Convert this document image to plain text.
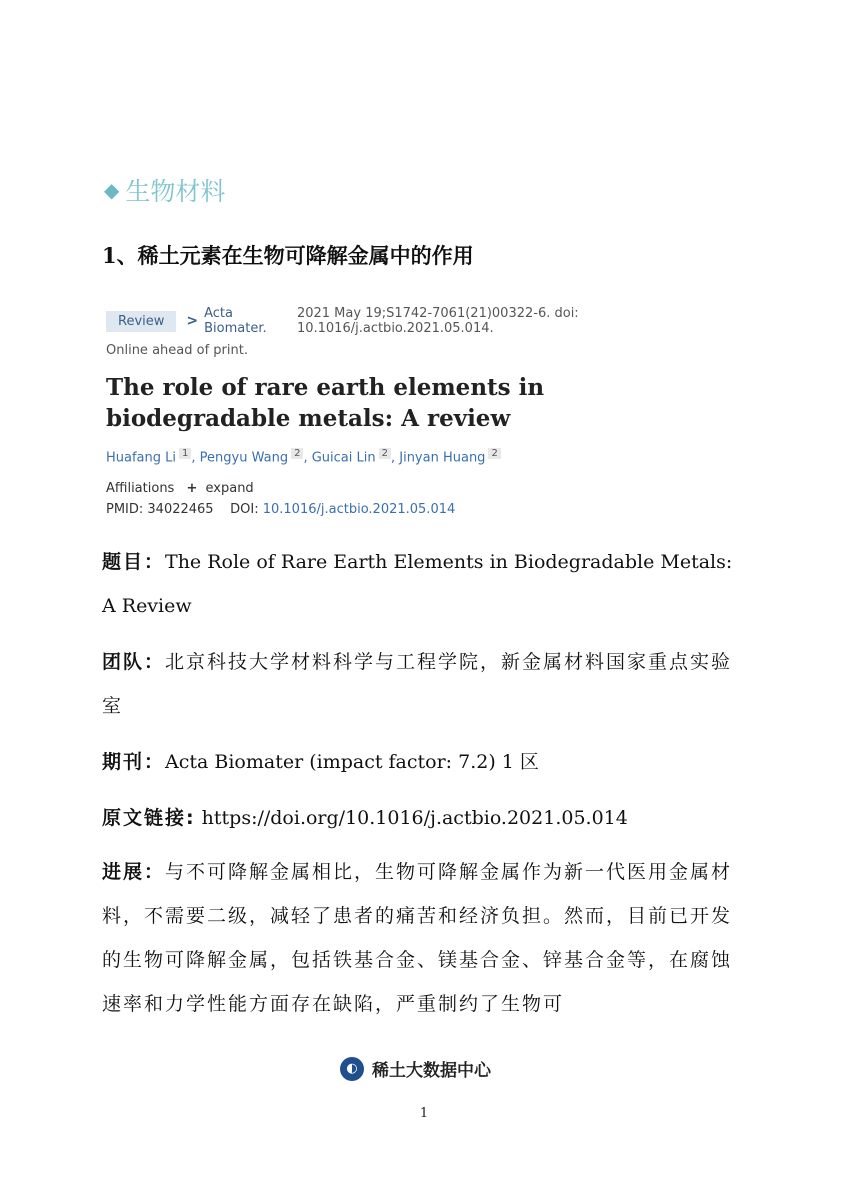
◆ 生物材料
1、稀土元素在生物可降解金属中的作用
Review	> Acta Biomater.
2021 May 19;S1742-7061(21)00322-6. doi: 10.1016/j.actbio.2021.05.014.
Online ahead of print.
The role of rare earth elements in biodegradable metals: A review
Huafang Li $^1$ , Pengyu Wang $^2$ , Guicai Lin $^2$ , Jinyan Huang $^2$
Affiliations + expand
PMID: 34022465 DOI: 10.1016/j.actbio.2021.05.014
题目：The Role of Rare Earth Elements in Biodegradable Metals: A Review
团队：北京科技大学材料科学与工程学院，新金属材料国家重点实验室
期刊：Acta Biomater (impact factor: 7.2) 1 区
原文链接: https://doi.org/10.1016/j.actbio.2021.05.014
进展：与不可降解金属相比，生物可降解金属作为新一代医用金属材料，不需要二级，减轻了患者的痛苦和经济负担。然而，目前已开发的生物可降解金属，包括铁基合金、镁基合金、锌基合金等，在腐蚀速率和力学性能方面存在缺陷，严重制约了生物可
◐ 稀土大数据中心
1
